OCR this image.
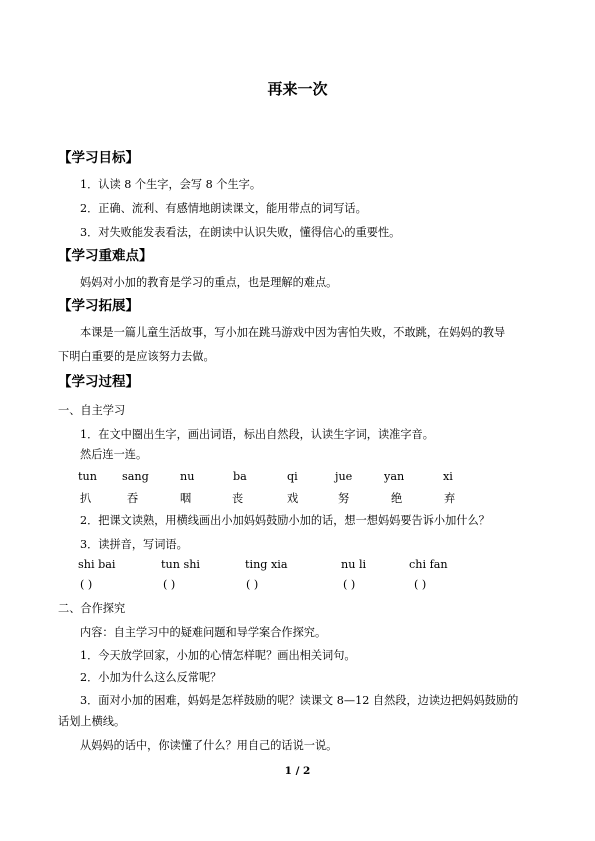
再来一次
【学习目标】
1．认读 8 个生字，会写 8 个生字。
2．正确、流利、有感情地朗读课文，能用带点的词写话。
3．对失败能发表看法，在朗读中认识失败，懂得信心的重要性。
【学习重难点】
妈妈对小加的教育是学习的重点，也是理解的难点。
【学习拓展】
本课是一篇儿童生活故事，写小加在跳马游戏中因为害怕失败，不敢跳，在妈妈的教导
下明白重要的是应该努力去做。
【学习过程】
一、自主学习
1．在文中圈出生字，画出词语，标出自然段，认读生字词，读准字音。
然后连一连。
tun sang	nu	ba	qi	jue	yan	xi
扒	吞	咽	丧	戏	努	绝	弃
2．把课文读熟，用横线画出小加妈妈鼓励小加的话，想一想妈妈要告诉小加什么？
3．读拼音，写词语。
shi bai	tun shi	ting xia	nu li	chi fan
( )	( )	( )	( )	( )
二、合作探究
内容：自主学习中的疑难问题和导学案合作探究。
1．今天放学回家，小加的心情怎样呢？画出相关词句。
2．小加为什么这么反常呢？
3．面对小加的困难，妈妈是怎样鼓励的呢？读课文 8—12 自然段，边读边把妈妈鼓励的
话划上横线。
从妈妈的话中，你读懂了什么？用自己的话说一说。
1 / 2
